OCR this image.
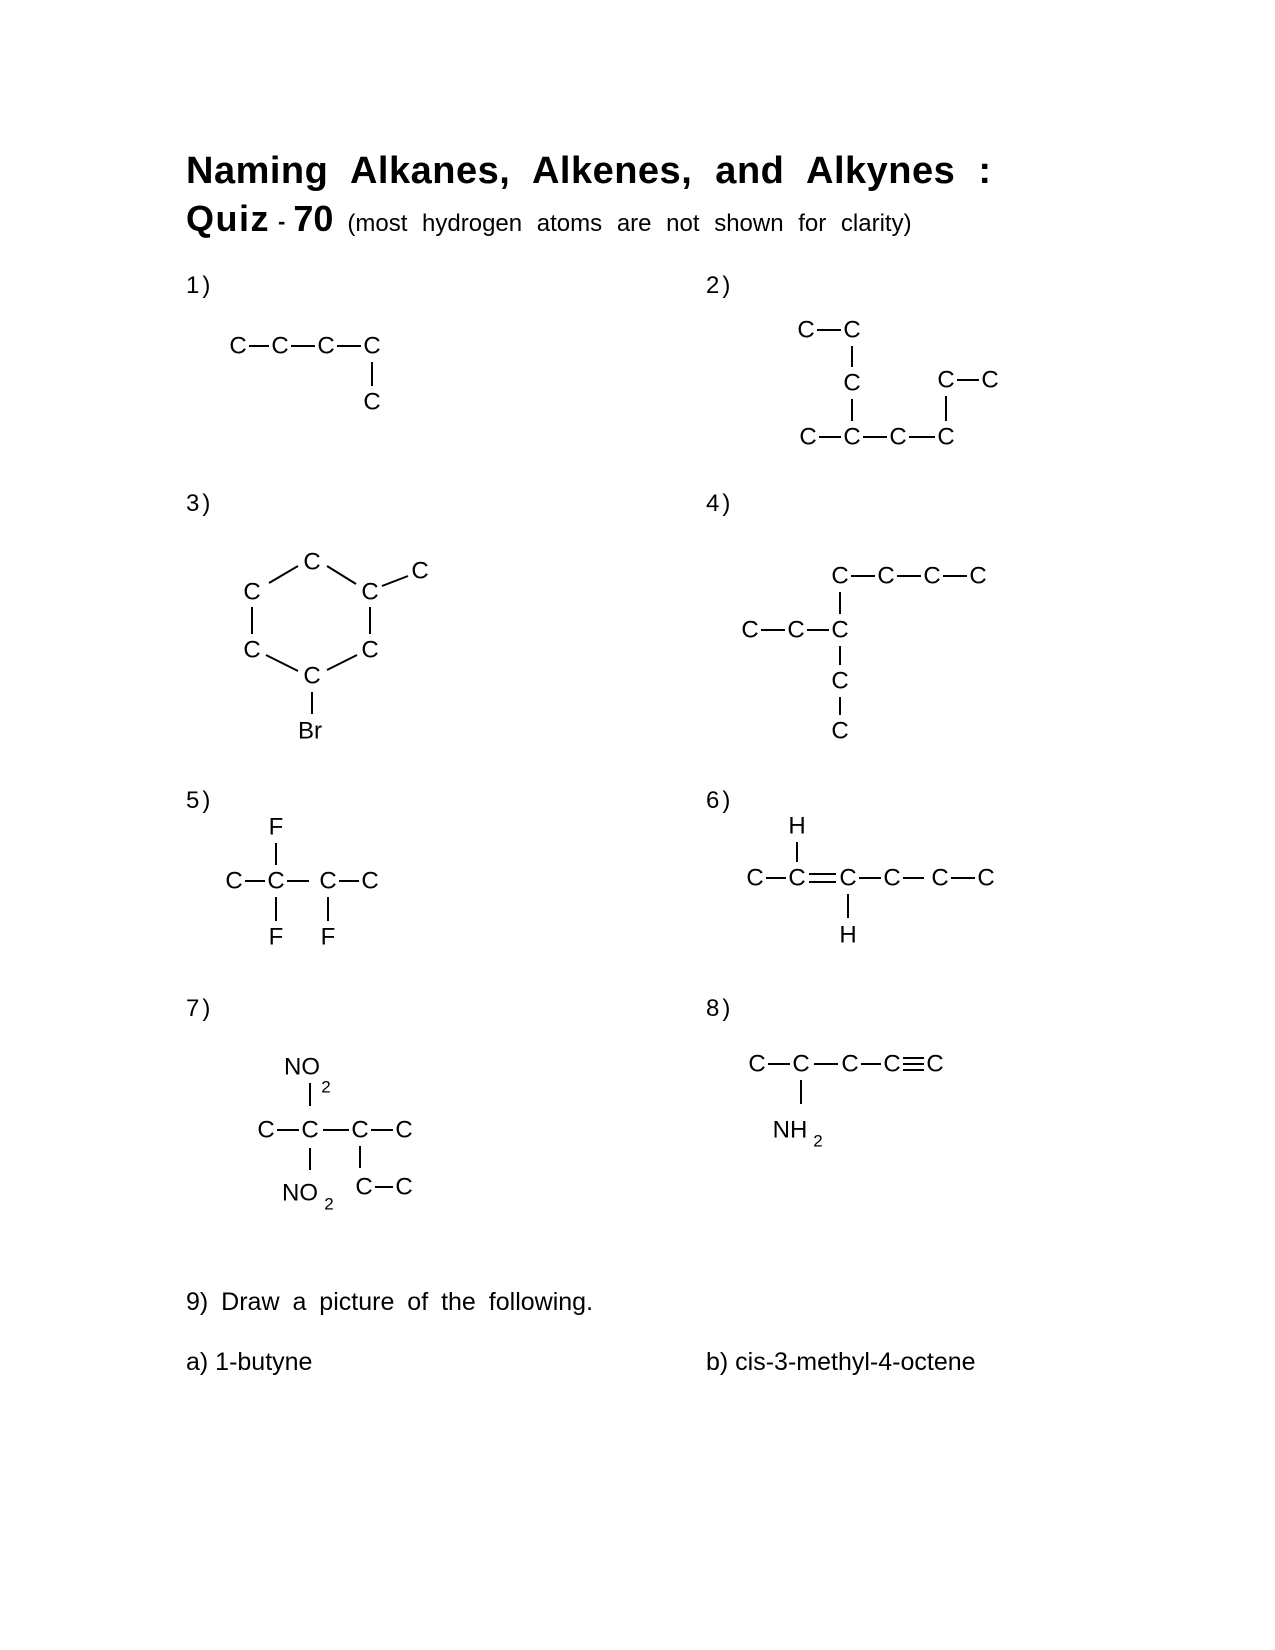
Naming Alkanes, Alkenes, and Alkynes :
Quiz - 70 (most hydrogen atoms are not shown for clarity)
1)	2)
3)	4)
5)	6)
7)	8)
C C C C
C
C C
C	C C
C C C C
C
C	C
C
C	C
C
Br
C C C C
C C C
C
C
F
C C C C
F F
H
C C C C C C
H
NO
2
C C C C
NO 2
C C
C C C C C
NH 2
9) Draw a picture of the following.
a) 1-butyne	b) cis-3-methyl-4-octene
